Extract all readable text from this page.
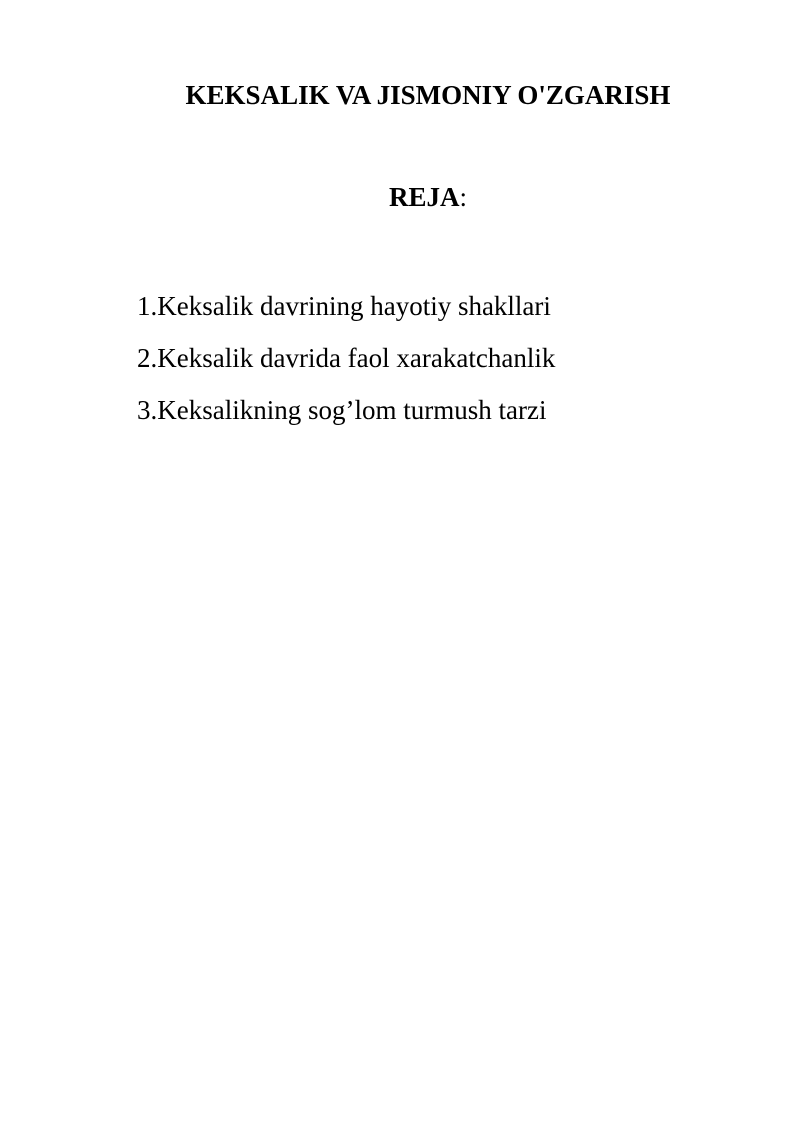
KEKSALIK VA JISMONIY O'ZGARISH

REJA:

1.Keksalik davrining hayotiy shakllari
2.Keksalik davrida faol xarakatchanlik
3.Keksalikning sog’lom turmush tarzi
